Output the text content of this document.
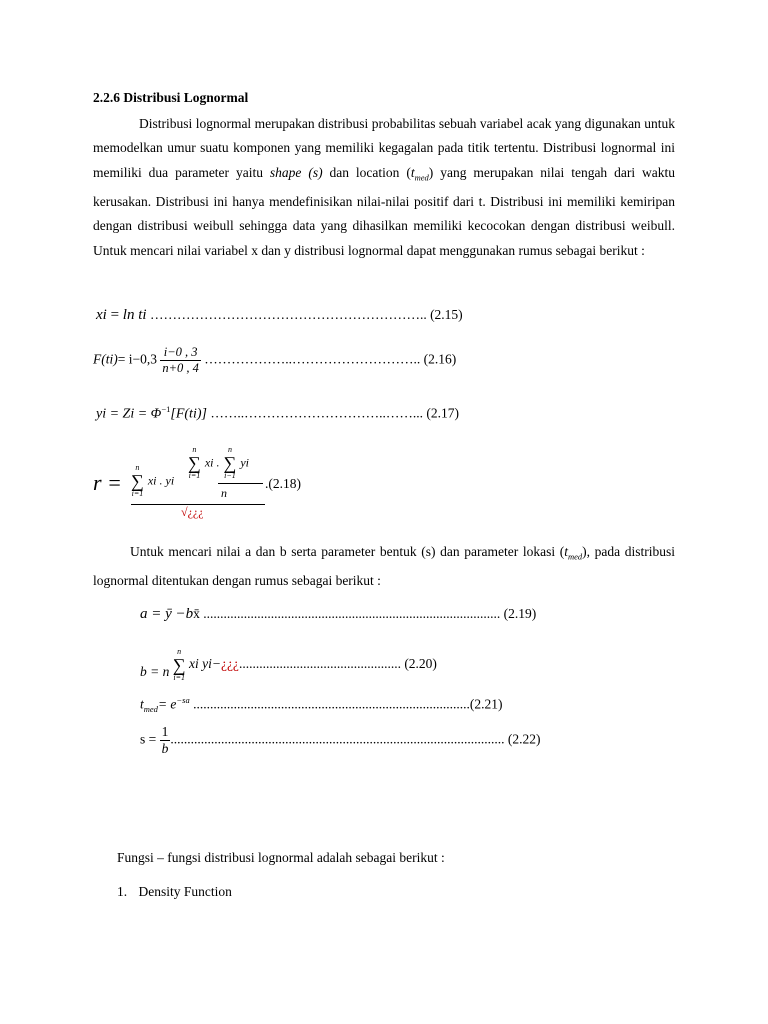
2.2.6 Distribusi Lognormal

Distribusi lognormal merupakan distribusi probabilitas sebuah variabel acak yang digunakan untuk memodelkan umur suatu komponen yang memiliki kegagalan pada titik tertentu. Distribusi lognormal ini memiliki dua parameter yaitu shape (s) dan location $(t_{med})$ yang merupakan nilai tengah dari waktu kerusakan. Distribusi ini hanya mendefinisikan nilai-nilai positif dari t. Distribusi ini memiliki kemiripan dengan distribusi weibull sehingga data yang dihasilkan memiliki kecocokan dengan distribusi weibull. Untuk mencari nilai variabel x dan y distribusi lognormal dapat menggunakan rumus sebagai berikut :

xi = ln ti …………………………………………………….. (2.15)
$F(ti)= i-0,3 \frac{i-0 , 3}{n+0 , 4}$ ………………..……………………….. (2.16)
yi = $Zi = \Phi^{-1}[F(ti)]$ ……..…………………………..……... (2.17)
r =
n
∑
i=1
xi . yi
n
∑
i=1
xi .
n
∑
i−1
yi
n
√¿¿¿
.(2.18)

Untuk mencari nilai a dan b serta parameter bentuk (s) dan parameter lokasi $(t_{med})$, pada distribusi lognormal ditentukan dengan rumus sebagai berikut :

a = ȳ −bx̄ ........................................................................................ (2.19)
b = n
n
∑
i=1
xi yi−¿¿¿................................................ (2.20)
$t_{med}= e^{-sa}$ ..................................................................................(2.21)
$s = \frac{1}{b}$ ................................................................................................... (2.22)
Fungsi – fungsi distribusi lognormal adalah sebagai berikut :
1. Density Function
